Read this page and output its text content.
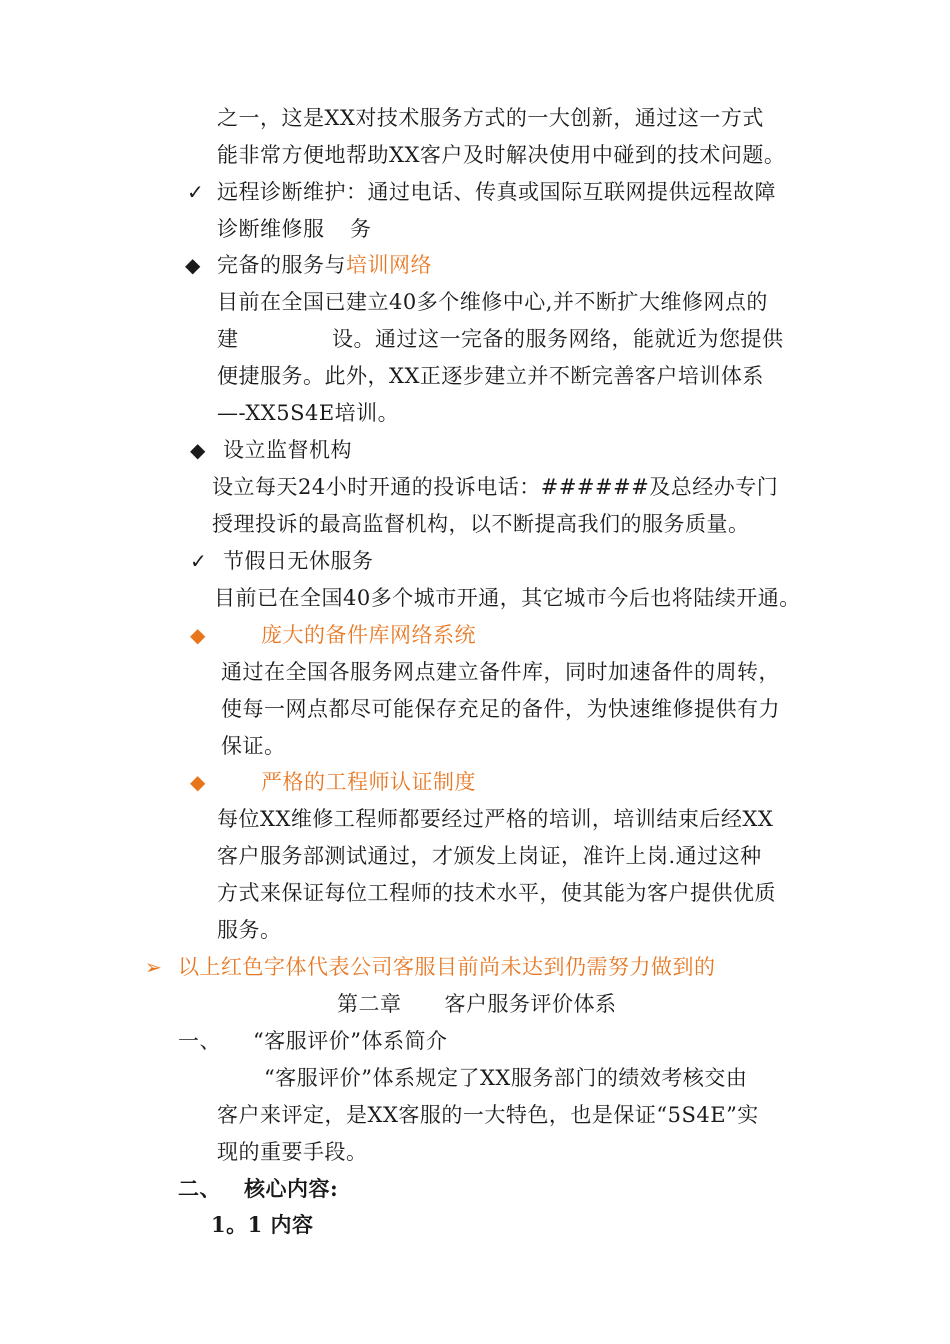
之一，这是XX对技术服务方式的一大创新，通过这一方式
能非常方便地帮助XX客户及时解决使用中碰到的技术问题。
✓ 远程诊断维护：通过电话、传真或国际互联网提供远程故障
诊断维修服 务
◆ 完备的服务与培训网络
目前在全国已建立40多个维修中心,并不断扩大维修网点的
建	设。通过这一完备的服务网络，能就近为您提供
便捷服务。此外，XX正逐步建立并不断完善客户培训体系
—-XX5S4E培训。
◆ 设立监督机构
设立每天24小时开通的投诉电话：######及总经办专门
授理投诉的最高监督机构，以不断提高我们的服务质量。
✓ 节假日无休服务
目前已在全国40多个城市开通，其它城市今后也将陆续开通。
◆	庞大的备件库网络系统
通过在全国各服务网点建立备件库，同时加速备件的周转，
使每一网点都尽可能保存充足的备件，为快速维修提供有力
保证。
◆	严格的工程师认证制度
每位XX维修工程师都要经过严格的培训，培训结束后经XX
客户服务部测试通过，才颁发上岗证，准许上岗.通过这种
方式来保证每位工程师的技术水平，使其能为客户提供优质
服务。
➢ 以上红色字体代表公司客服目前尚未达到仍需努力做到的
第二章　　客户服务评价体系
一、 “客服评价”体系简介
“客服评价”体系规定了XX服务部门的绩效考核交由
客户来评定，是XX客服的一大特色，也是保证“5S4E”实
现的重要手段。
二、 核心内容:
1。1 内容
